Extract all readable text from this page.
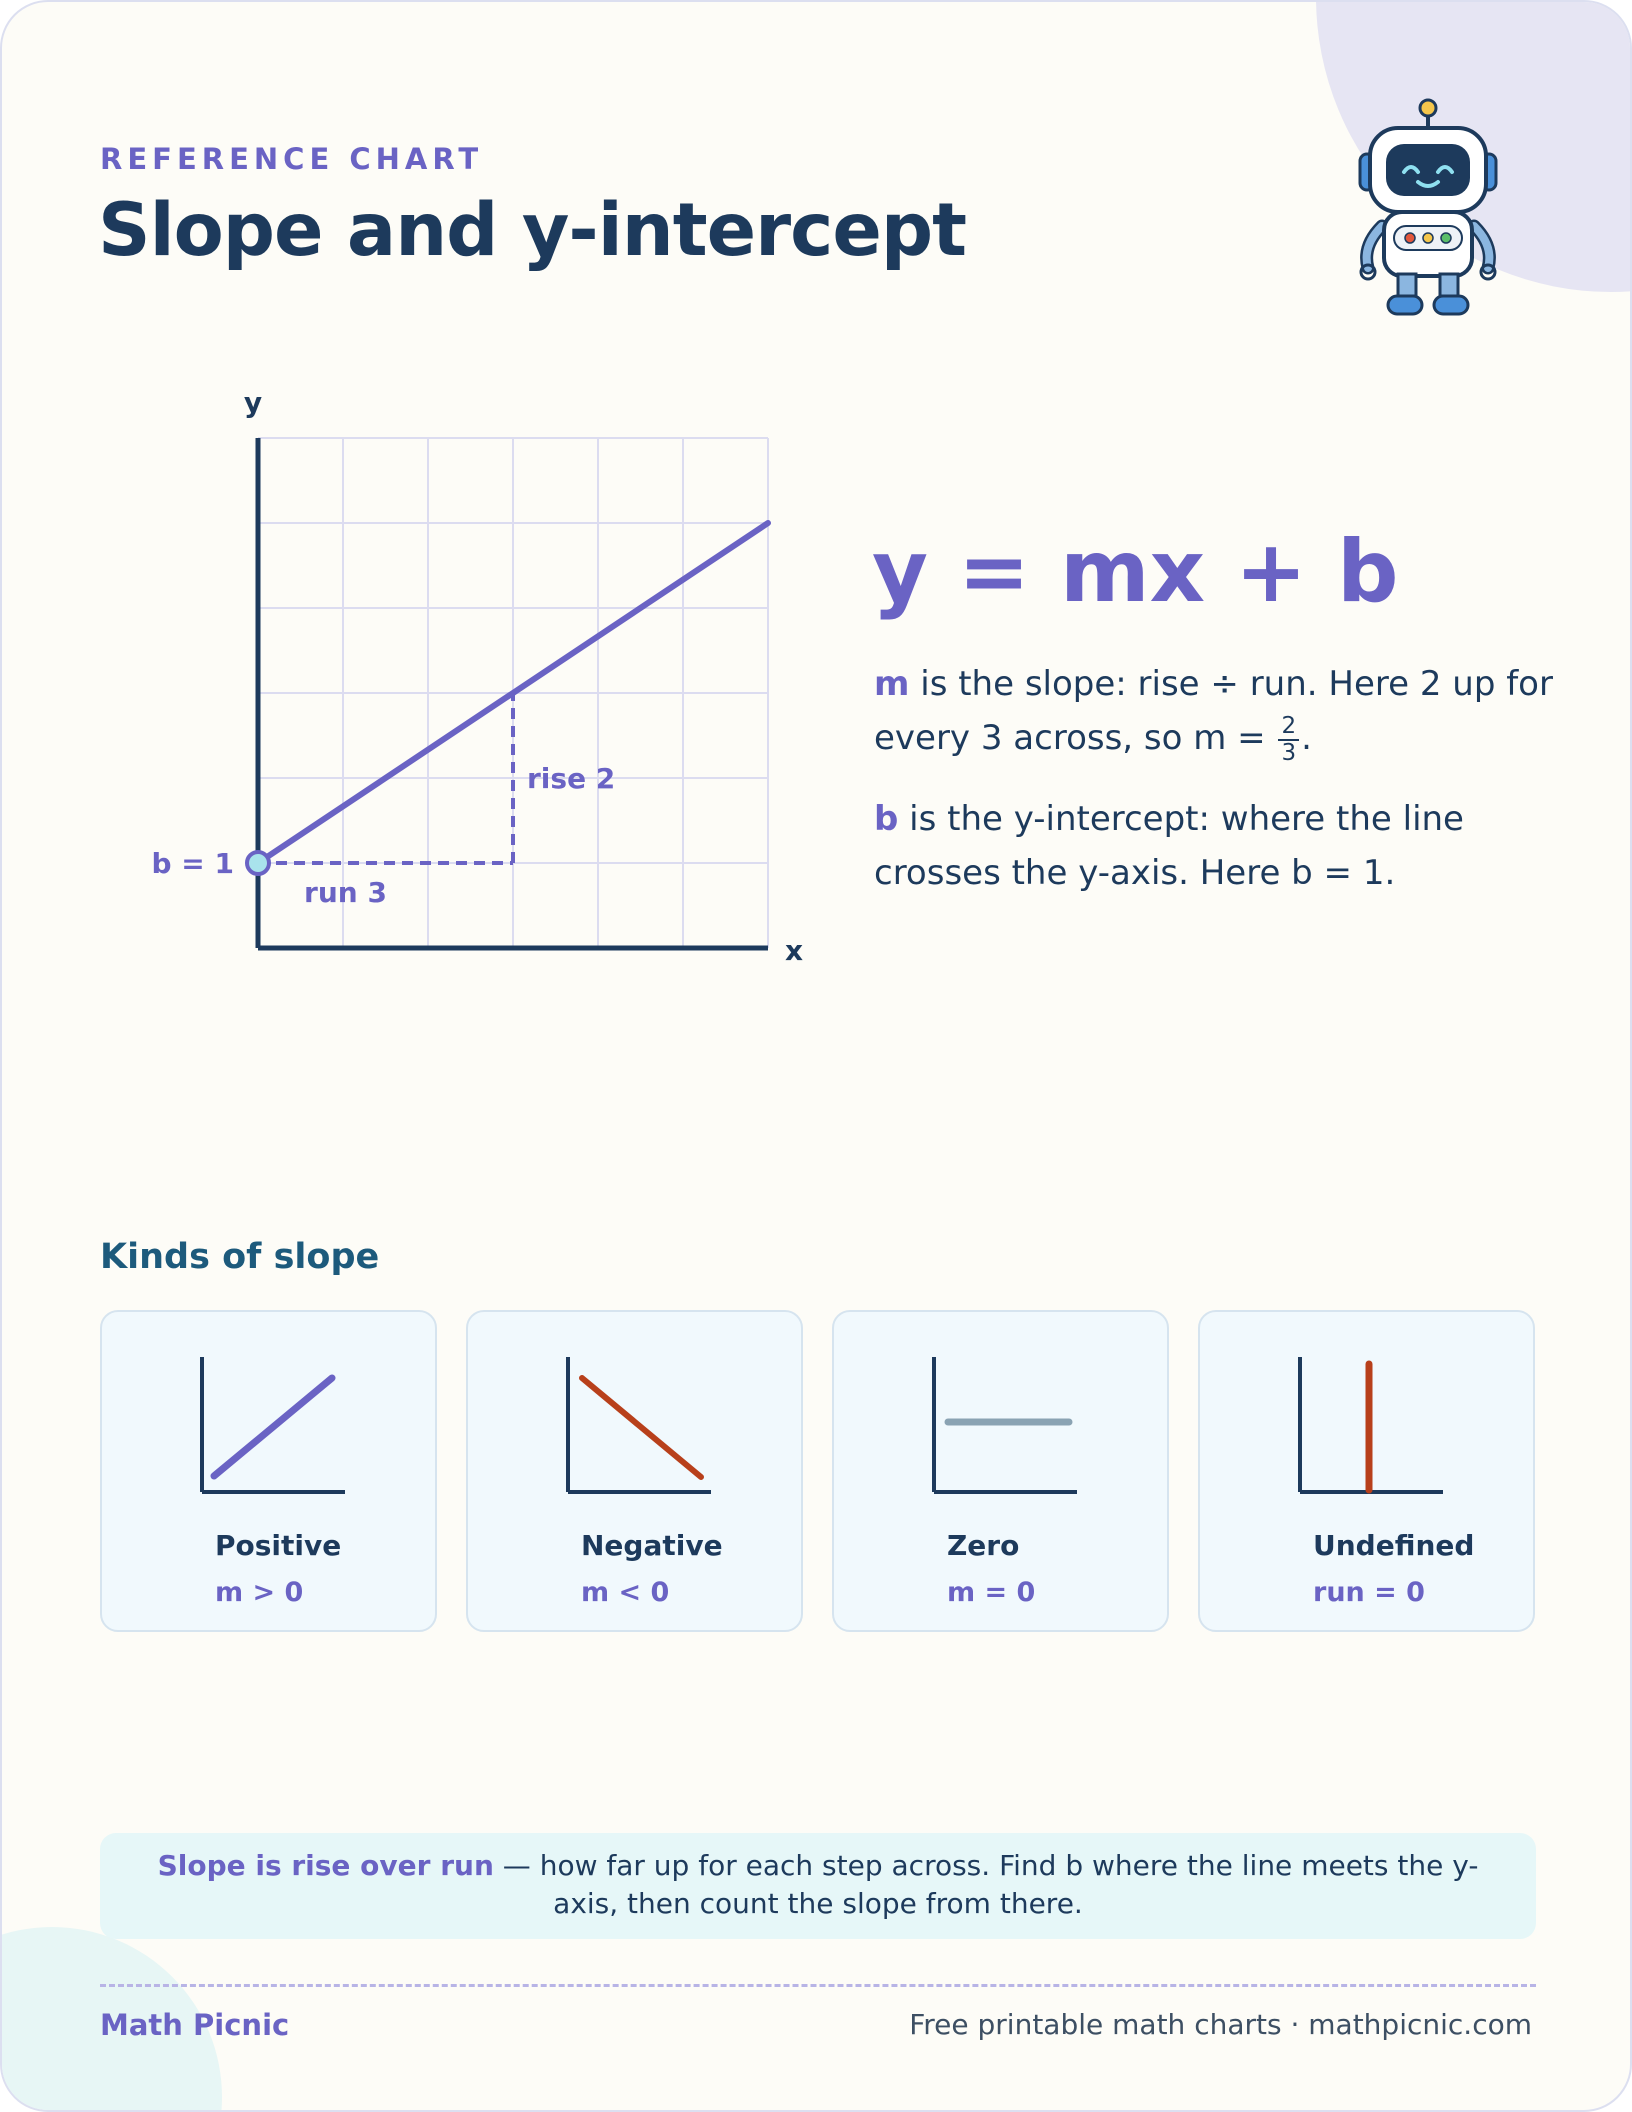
REFERENCE CHART
Slope and y-intercept
y
x
b = 1
run 3
rise 2
y = mx + b
m is the slope: rise ÷ run. Here 2 up for every 3 across, so $m = \frac{2}{3}$ .
b is the y-intercept: where the line crosses the y-axis. Here b = 1.
Kinds of slope
Positive
m > 0
Negative
m < 0
Zero
m = 0
Undefined
run = 0
Slope is rise over run — how far up for each step across. Find b where the line meets the y-axis, then count the slope from there.
Math Picnic	Free printable math charts · mathpicnic.com
